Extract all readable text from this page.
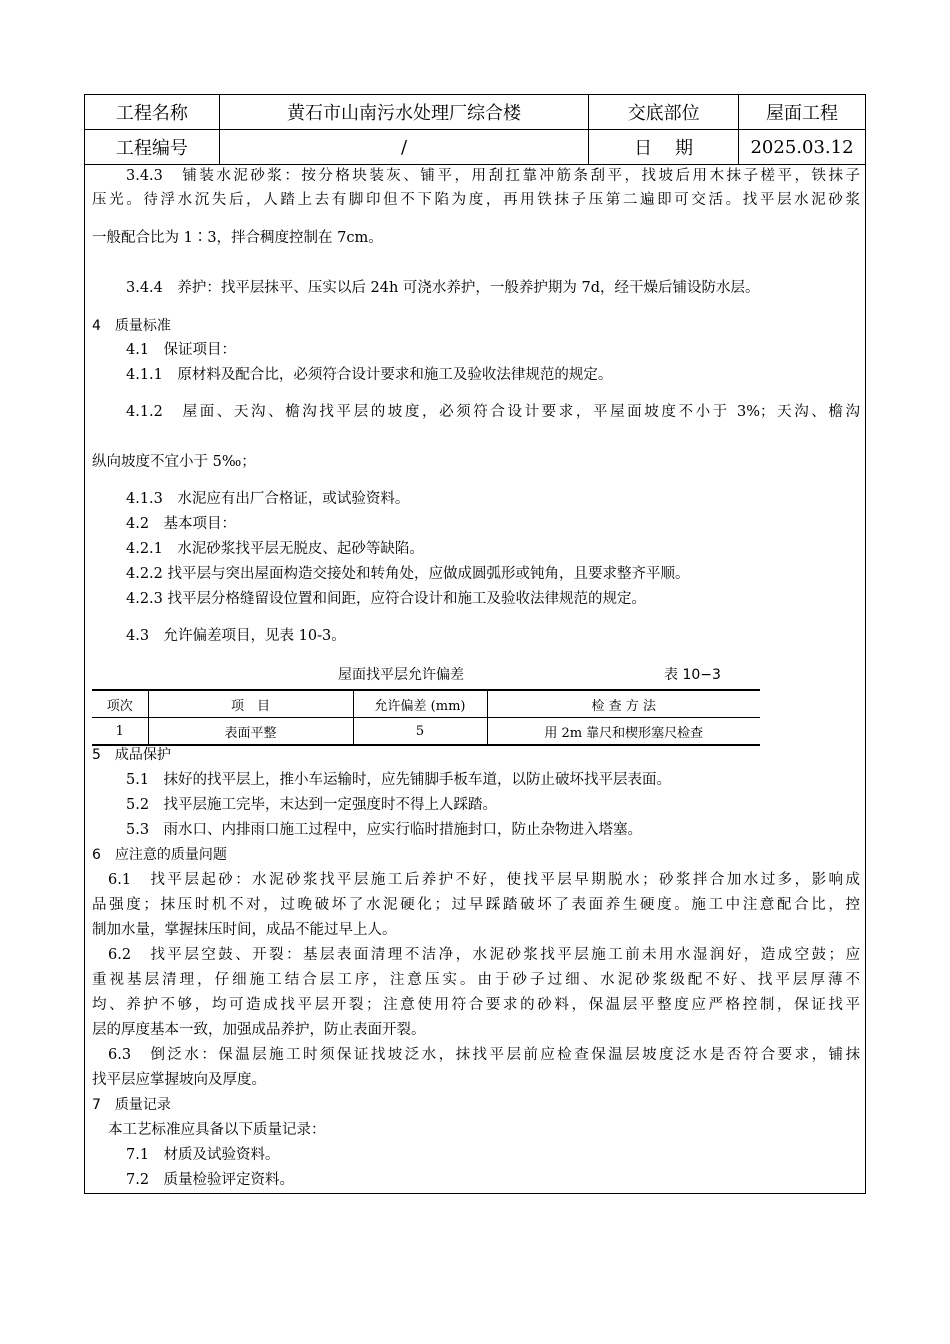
工程名称	黄石市山南污水处理厂综合楼	交底部位	屋面工程
工程编号	/	日    期	2025.03.12
3.4.3　铺装水泥砂浆：按分格块装灰、铺平，用刮扛靠冲筋条刮平，找坡后用木抹子槎平，铁抹子
压光。待浮水沉失后，人踏上去有脚印但不下陷为度，再用铁抹子压第二遍即可交活。找平层水泥砂浆
一般配合比为 1∶3，拌合稠度控制在 7cm。
3.4.4　养护：找平层抹平、压实以后 24h 可浇水养护，一般养护期为 7d，经干燥后铺设防水层。
4　质量标准
4.1　保证项目：
4.1.1　原材料及配合比，必须符合设计要求和施工及验收法律规范的规定。
4.1.2　屋面、天沟、檐沟找平层的坡度，必须符合设计要求，平屋面坡度不小于 3%；天沟、檐沟
纵向坡度不宜小于 5‰；
4.1.3　水泥应有出厂合格证，或试验资料。
4.2　基本项目：
4.2.1　水泥砂浆找平层无脱皮、起砂等缺陷。
4.2.2 找平层与突出屋面构造交接处和转角处，应做成圆弧形或钝角，且要求整齐平顺。
4.2.3 找平层分格缝留设位置和间距，应符合设计和施工及验收法律规范的规定。
4.3　允许偏差项目，见表 10-3。
屋面找平层允许偏差	表 10−3
项次	项　目	允许偏差 (mm)	检 查 方 法
1	表面平整	5	用 2m 靠尺和楔形塞尺检查
5　成品保护
5.1　抹好的找平层上，推小车运输时，应先铺脚手板车道，以防止破坏找平层表面。
5.2　找平层施工完毕，末达到一定强度时不得上人踩踏。
5.3　雨水口、内排雨口施工过程中，应实行临时措施封口，防止杂物进入塔塞。
6　应注意的质量问题
6.1　找平层起砂：水泥砂浆找平层施工后养护不好，使找平层早期脱水；砂浆拌合加水过多，影响成
品强度；抹压时机不对，过晚破坏了水泥硬化；过早踩踏破坏了表面养生硬度。施工中注意配合比，控
制加水量，掌握抹压时间，成品不能过早上人。
6.2　找平层空鼓、开裂：基层表面清理不洁净，水泥砂浆找平层施工前未用水湿润好，造成空鼓；应
重视基层清理，仔细施工结合层工序，注意压实。由于砂子过细、水泥砂浆级配不好、找平层厚薄不
均、养护不够，均可造成找平层开裂；注意使用符合要求的砂料，保温层平整度应严格控制，保证找平
层的厚度基本一致，加强成品养护，防止表面开裂。
6.3　倒泛水：保温层施工时须保证找坡泛水，抹找平层前应检查保温层坡度泛水是否符合要求，铺抹
找平层应掌握坡向及厚度。
7　质量记录
本工艺标准应具备以下质量记录：
7.1　材质及试验资料。
7.2　质量检验评定资料。
